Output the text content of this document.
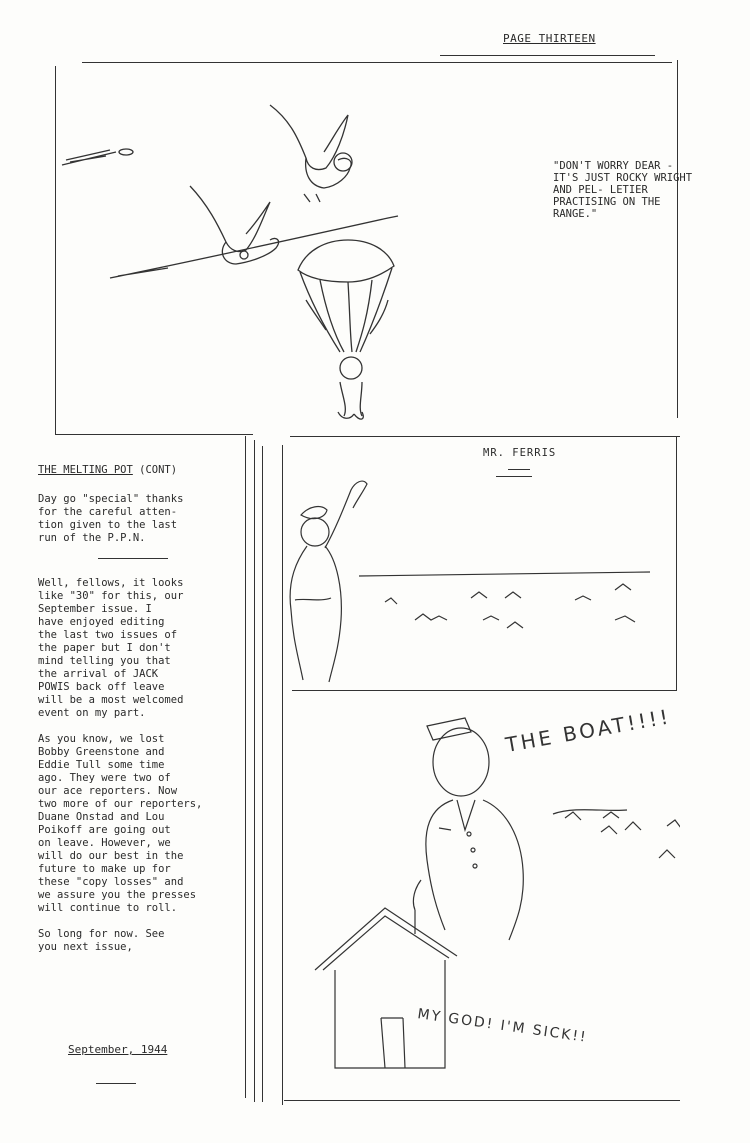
PAGE THIRTEEN
"DON'T WORRY DEAR - IT'S JUST ROCKY WRIGHT AND PEL- LETIER PRACTISING ON THE RANGE."

THE MELTING POT (CONT)

Day go "special" thanks
for the careful atten-
tion given to the last
run of the P.P.N.

Well, fellows, it looks
like "30" for this, our
September issue. I
have enjoyed editing
the last two issues of
the paper but I don't
mind telling you that
the arrival of JACK
POWIS back off leave
will be a most welcomed
event on my part.

As you know, we lost
Bobby Greenstone and
Eddie Tull some time
ago. They were two of
our ace reporters. Now
two more of our reporters,
Duane Onstad and Lou
Poikoff are going out
on leave. However, we
will do our best in the
future to make up for
these "copy losses" and
we assure you the presses
will continue to roll.

So long for now. See
you next issue,

September, 1944
MR. FERRIS
THE BOAT!!!!
MY GOD! I'M SICK!!
